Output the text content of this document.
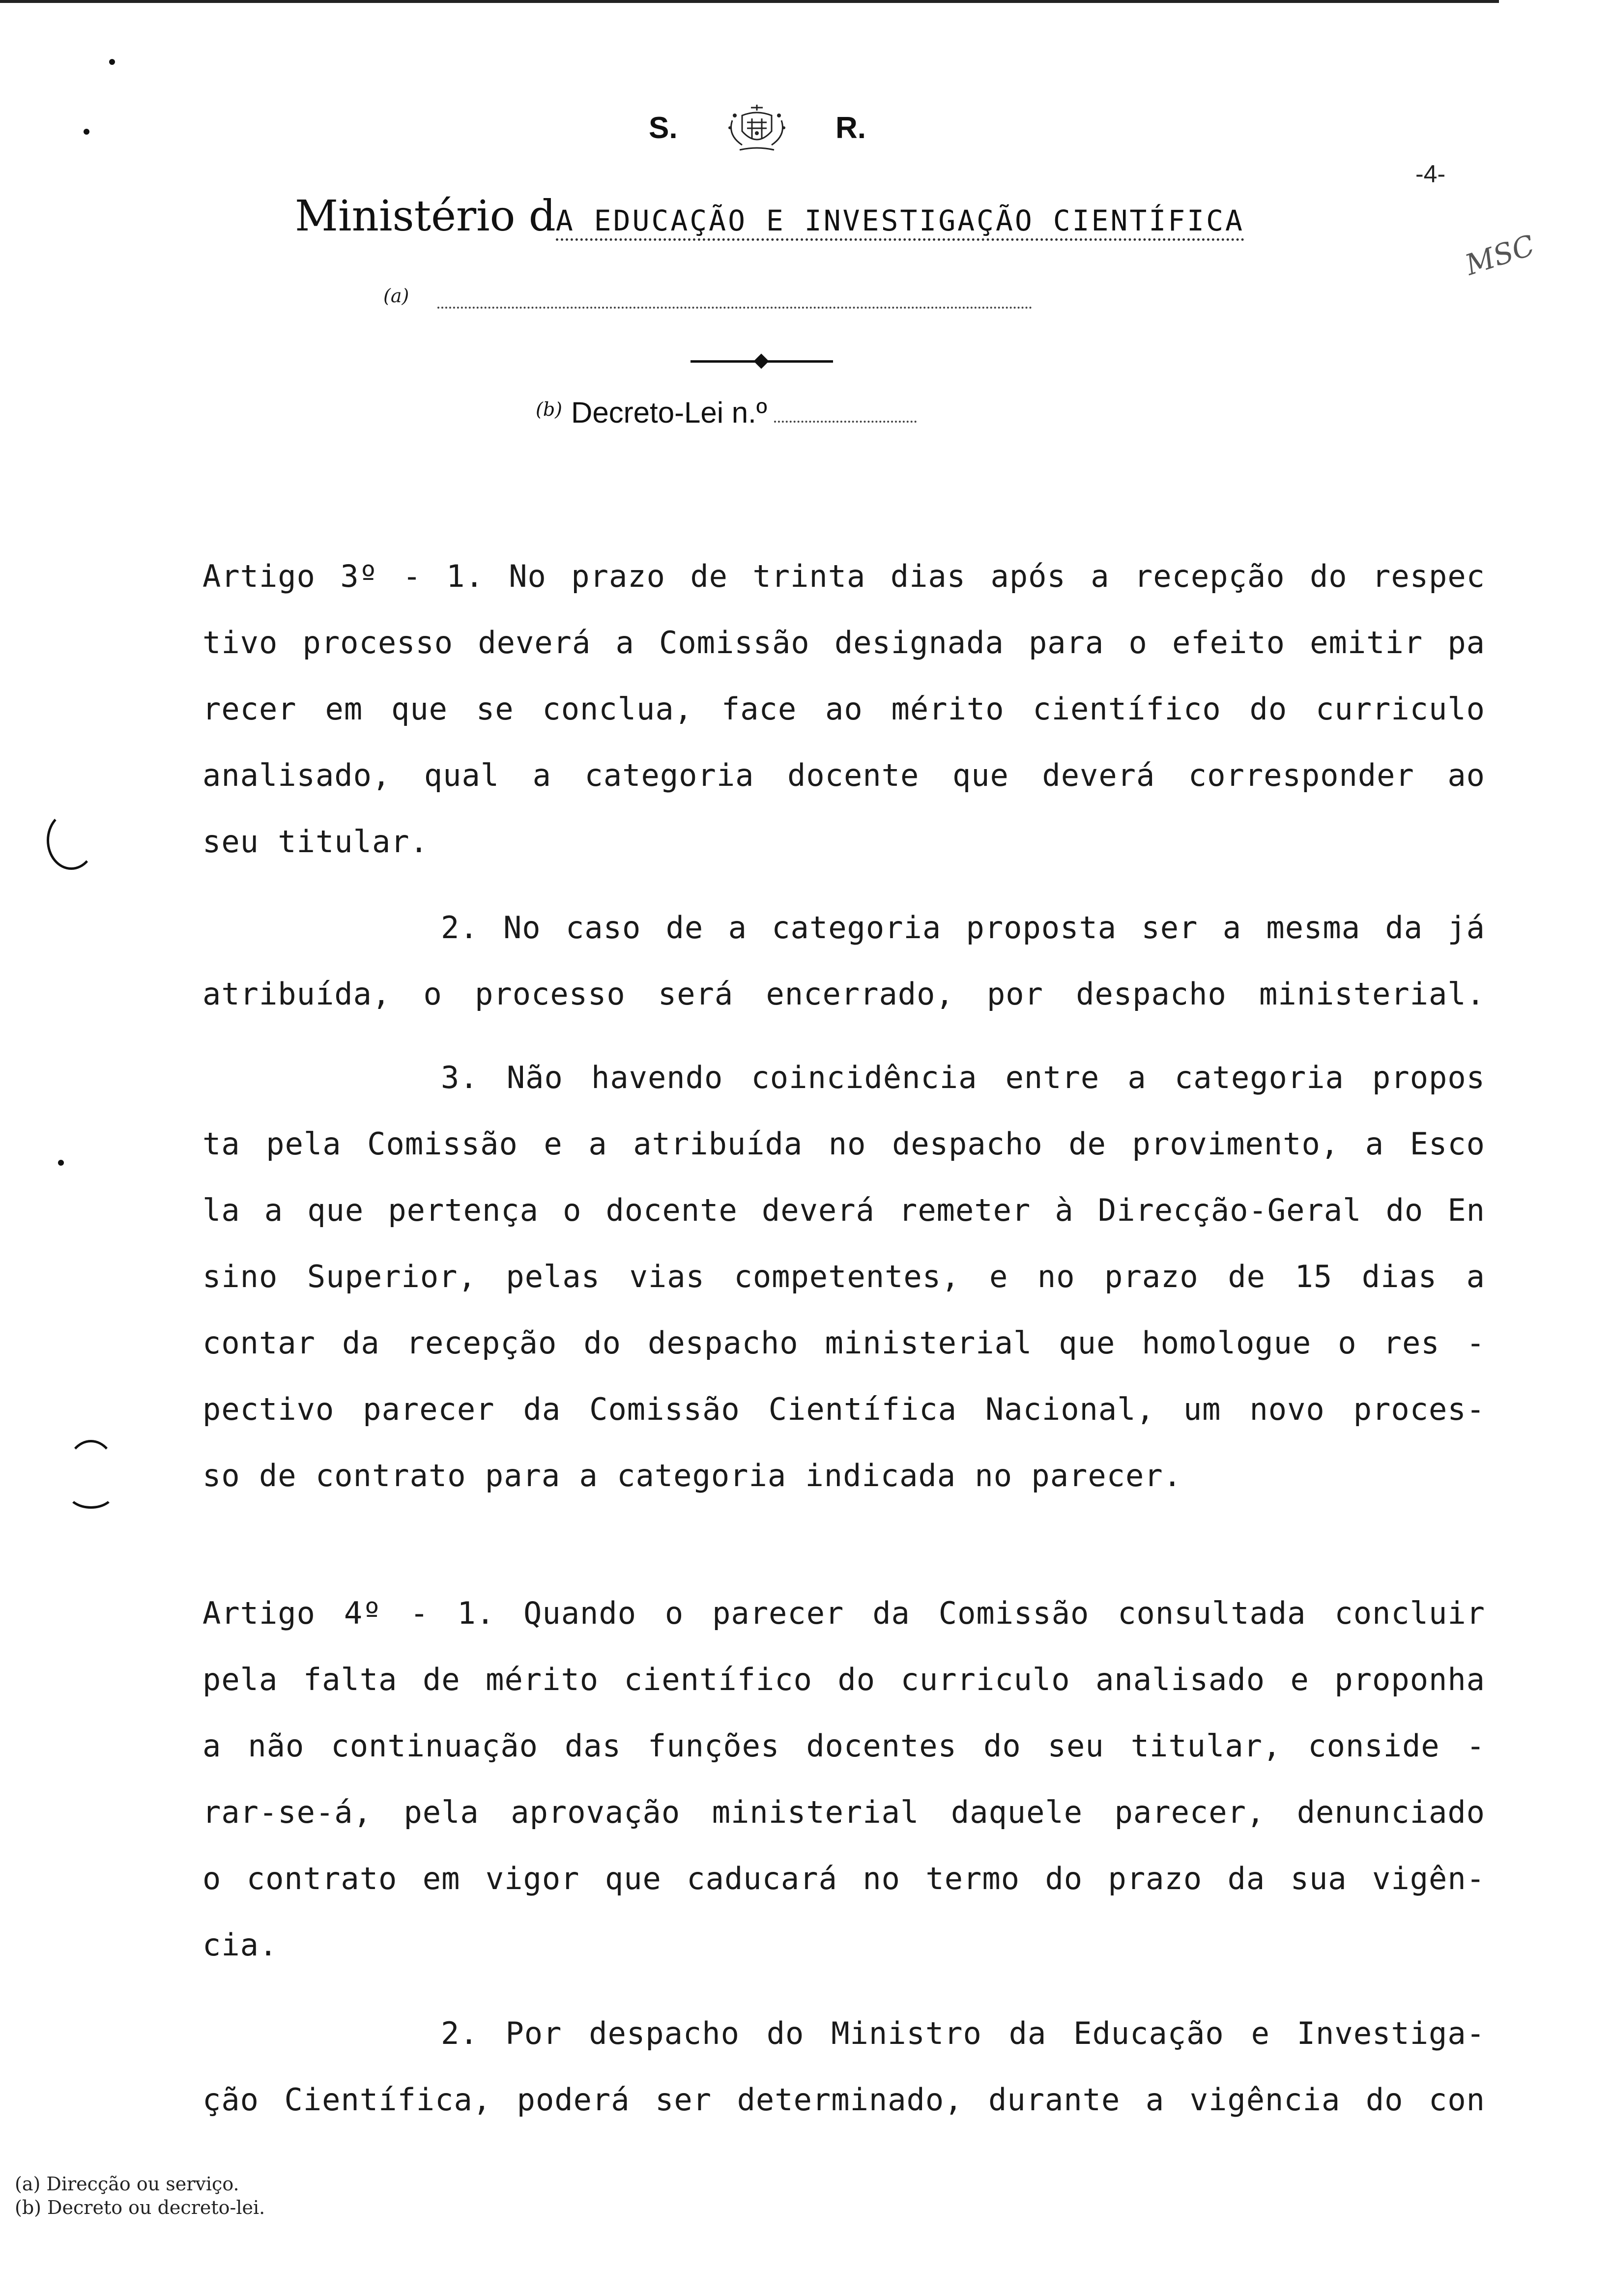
S.	R.
-4-
MSC
Ministério dA EDUCAÇÃO E INVESTIGAÇÃO CIENTÍFICA
(a)
$^{(b)}$ Decreto-Lei n.º
Artigo 3º - 1. No prazo de trinta dias após a recepção do respec
tivo processo deverá a Comissão designada para o efeito emitir pa
recer em que se conclua, face ao mérito científico do curriculo
analisado, qual a categoria docente que deverá corresponder ao
seu titular.
2. No caso de a categoria proposta ser a mesma da já
atribuída, o processo será encerrado, por despacho ministerial.
3. Não havendo coincidência entre a categoria propos
ta pela Comissão e a atribuída no despacho de provimento, a Esco
la a que pertença o docente deverá remeter à Direcção-Geral do En
sino Superior, pelas vias competentes, e no prazo de 15 dias a
contar da recepção do despacho ministerial que homologue o res -
pectivo parecer da Comissão Científica Nacional, um novo proces-
so de contrato para a categoria indicada no parecer.
Artigo 4º - 1. Quando o parecer da Comissão consultada concluir
pela falta de mérito científico do curriculo analisado e proponha
a não continuação das funções docentes do seu titular, conside -
rar-se-á, pela aprovação ministerial daquele parecer, denunciado
o contrato em vigor que caducará no termo do prazo da sua vigên-
cia.
2. Por despacho do Ministro da Educação e Investiga-
ção Científica, poderá ser determinado, durante a vigência do con
(a) Direcção ou serviço.
(b) Decreto ou decreto-lei.
